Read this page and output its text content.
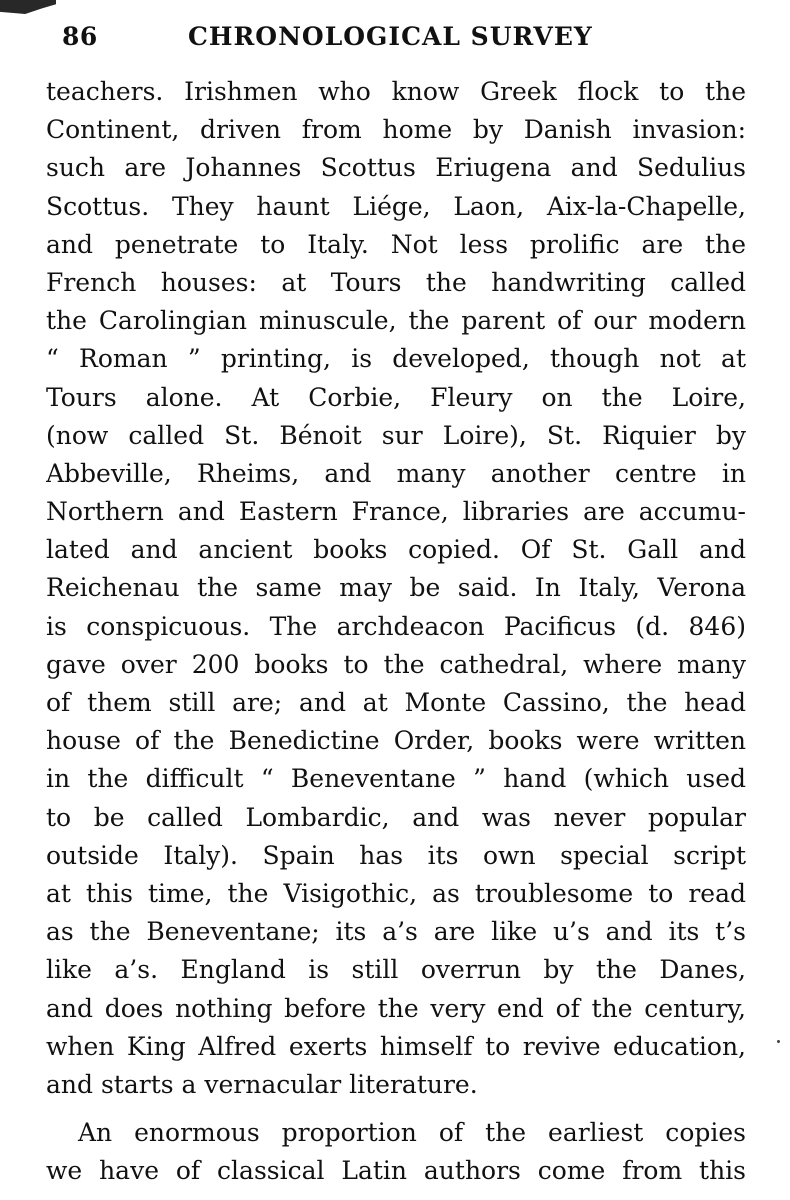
86	CHRONOLOGICAL SURVEY
teachers. Irishmen who know Greek flock to the
Continent, driven from home by Danish invasion:
such are Johannes Scottus Eriugena and Sedulius
Scottus. They haunt Liége, Laon, Aix-la-Chapelle,
and penetrate to Italy. Not less prolific are the
French houses: at Tours the handwriting called
the Carolingian minuscule, the parent of our modern
“ Roman ” printing, is developed, though not at
Tours alone. At Corbie, Fleury on the Loire,
(now called St. Bénoit sur Loire), St. Riquier by
Abbeville, Rheims, and many another centre in
Northern and Eastern France, libraries are accumu-
lated and ancient books copied. Of St. Gall and
Reichenau the same may be said. In Italy, Verona
is conspicuous. The archdeacon Pacificus (d. 846)
gave over 200 books to the cathedral, where many
of them still are; and at Monte Cassino, the head
house of the Benedictine Order, books were written
in the difficult “ Beneventane ” hand (which used
to be called Lombardic, and was never popular
outside Italy). Spain has its own special script
at this time, the Visigothic, as troublesome to read
as the Beneventane; its a’s are like u’s and its t’s
like a’s. England is still overrun by the Danes,
and does nothing before the very end of the century,
when King Alfred exerts himself to revive education,
and starts a vernacular literature.
An enormous proportion of the earliest copies
we have of classical Latin authors come from this
